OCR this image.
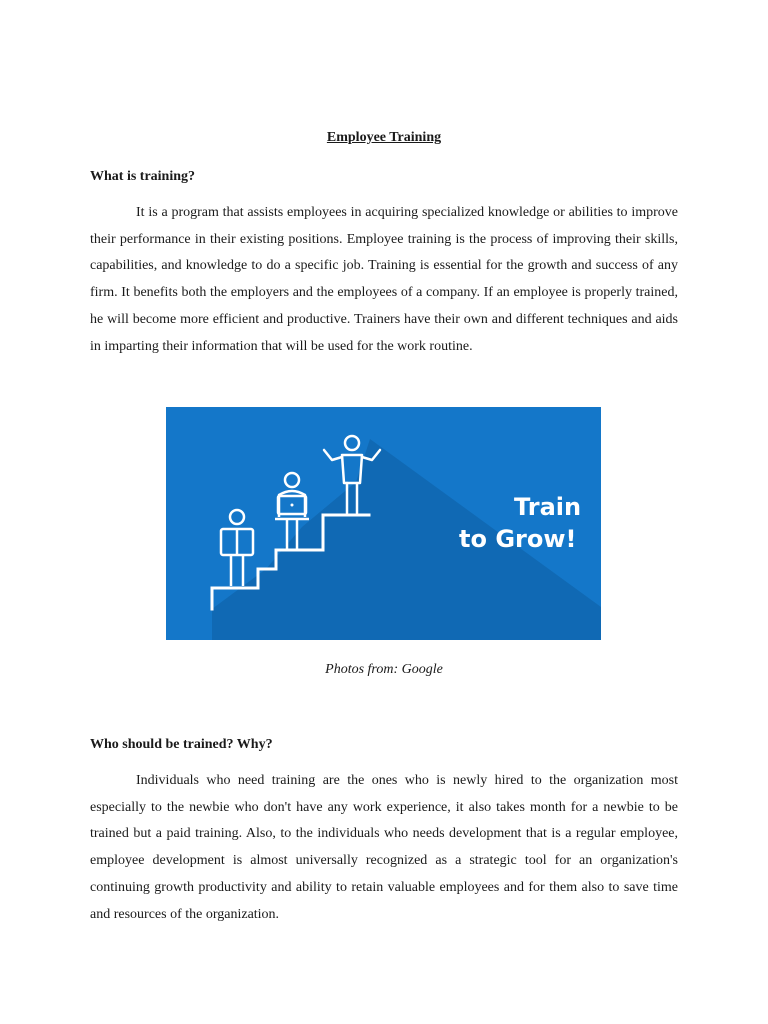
Employee Training
What is training?

It is a program that assists employees in acquiring specialized knowledge or abilities to improve their performance in their existing positions. Employee training is the process of improving their skills, capabilities, and knowledge to do a specific job. Training is essential for the growth and success of any firm. It benefits both the employers and the employees of a company. If an employee is properly trained, he will become more efficient and productive. Trainers have their own and different techniques and aids in imparting their information that will be used for the work routine.

Train
to Grow!

Photos from: Google

Who should be trained? Why?

Individuals who need training are the ones who is newly hired to the organization most especially to the newbie who don't have any work experience, it also takes month for a newbie to be trained but a paid training. Also, to the individuals who needs development that is a regular employee, employee development is almost universally recognized as a strategic tool for an organization's continuing growth productivity and ability to retain valuable employees and for them also to save time and resources of the organization.
